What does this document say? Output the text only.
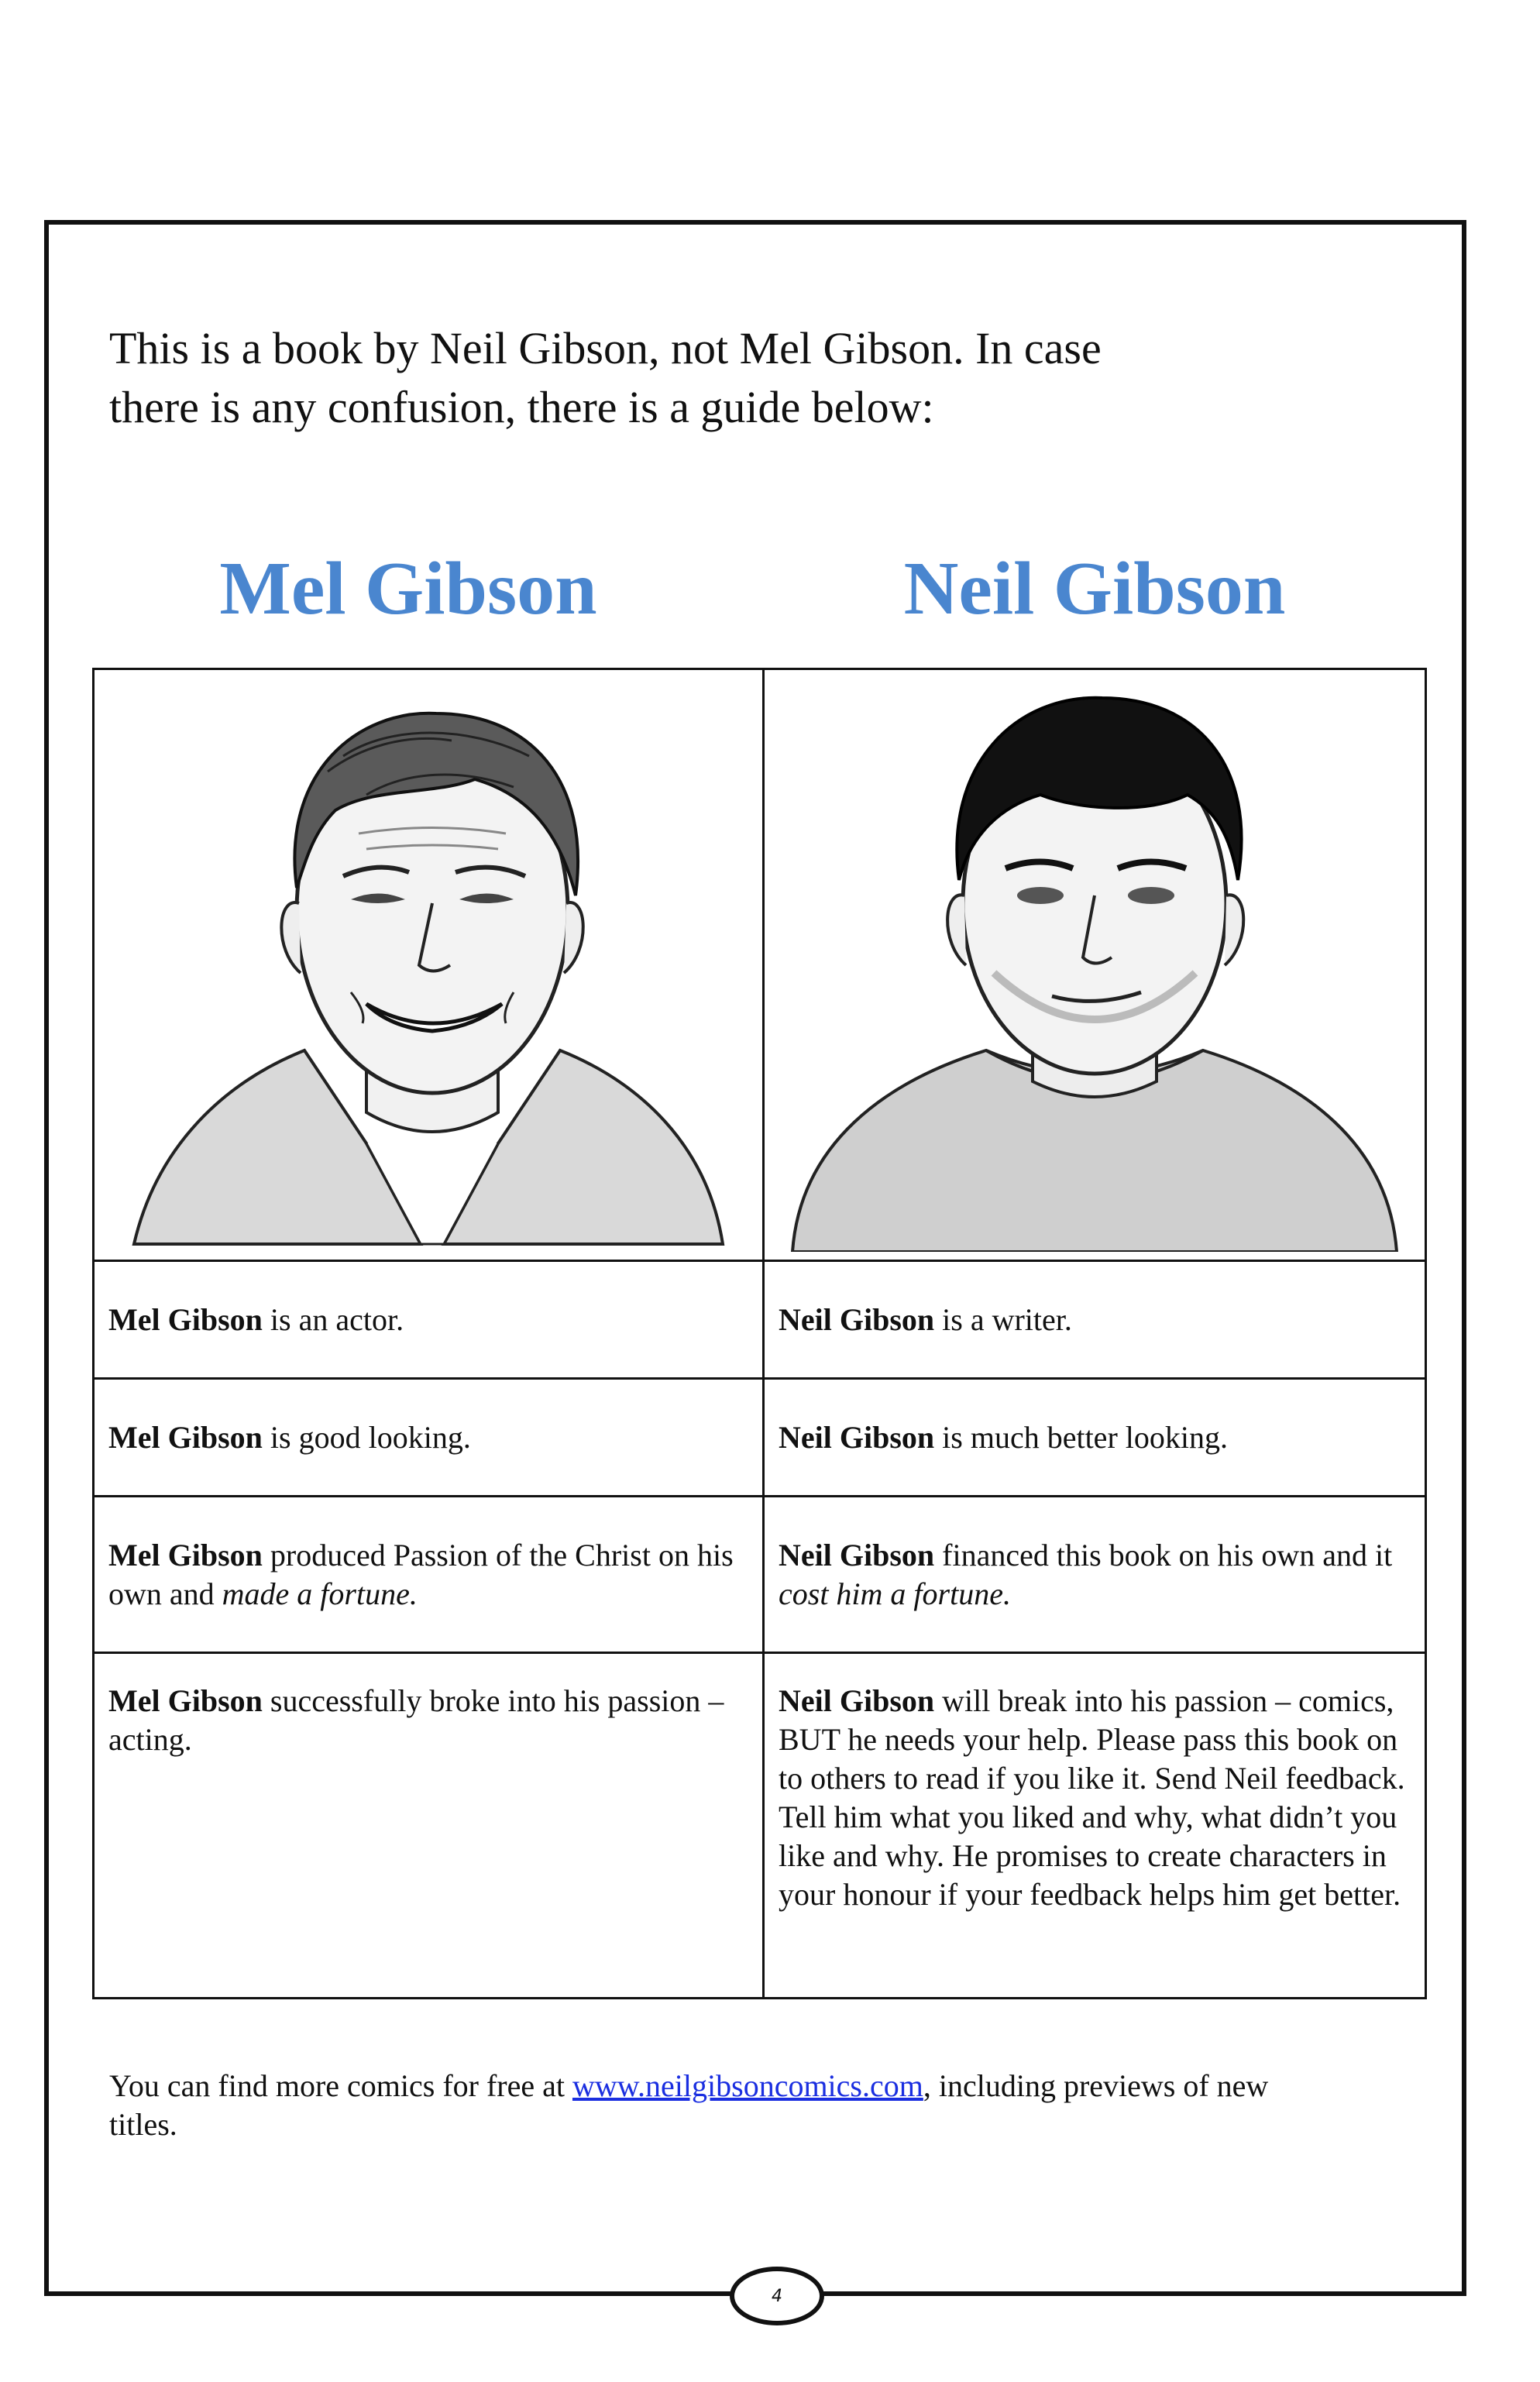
This is a book by Neil Gibson, not Mel Gibson. In case
there is any confusion, there is a guide below:

Mel Gibson	Neil Gibson

Mel Gibson is an actor.	Neil Gibson is a writer.
Mel Gibson is good looking.	Neil Gibson is much better looking.
Mel Gibson produced Passion of the Christ on his own and made a fortune.	Neil Gibson financed this book on his own and it cost him a fortune.
Mel Gibson successfully broke into his passion – acting.	Neil Gibson will break into his passion – comics, BUT he needs your help. Please pass this book on to others to read if you like it. Send Neil feedback. Tell him what you liked and why, what didn’t you like and why. He promises to create characters in your honour if your feedback helps him get better.

You can find more comics for free at www.neilgibsoncomics.com, including previews of new titles.

4
